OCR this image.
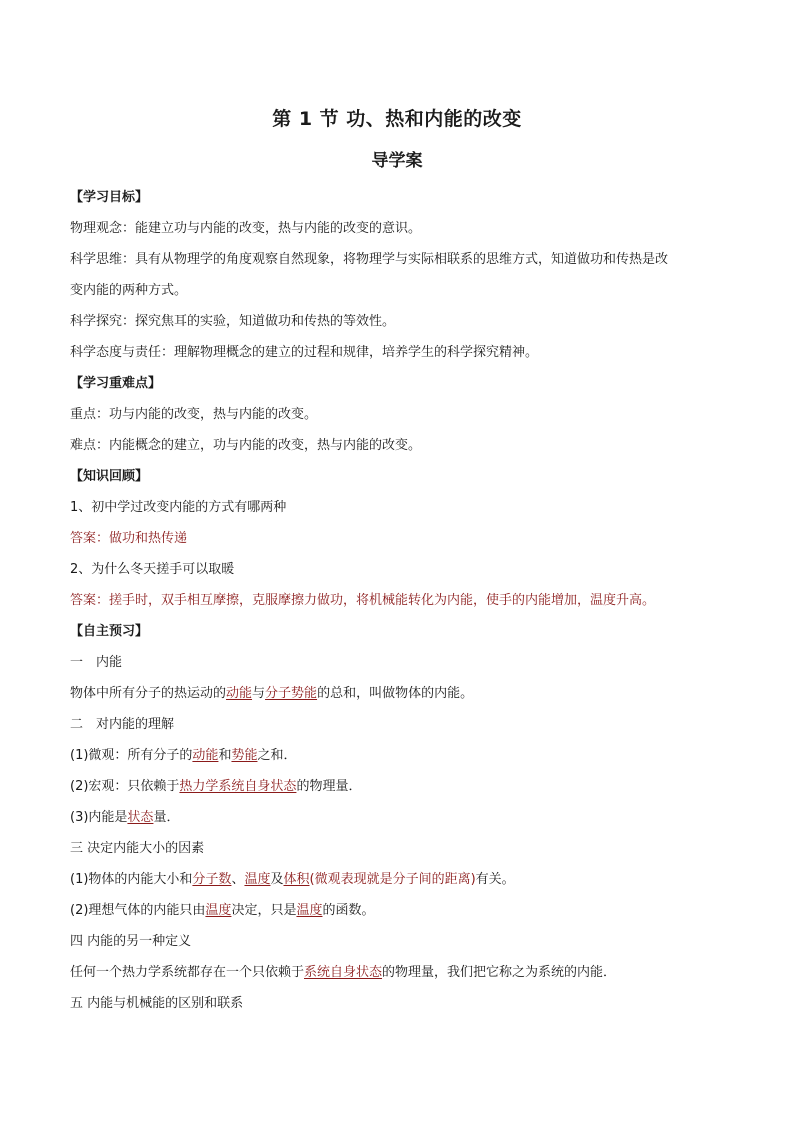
第 1 节 功、热和内能的改变
导学案
【学习目标】
物理观念：能建立功与内能的改变，热与内能的改变的意识。
科学思维：具有从物理学的角度观察自然现象，将物理学与实际相联系的思维方式，知道做功和传热是改
变内能的两种方式。
科学探究：探究焦耳的实验，知道做功和传热的等效性。
科学态度与责任：理解物理概念的建立的过程和规律，培养学生的科学探究精神。
【学习重难点】
重点：功与内能的改变，热与内能的改变。
难点：内能概念的建立，功与内能的改变，热与内能的改变。
【知识回顾】
1、初中学过改变内能的方式有哪两种
答案：做功和热传递
2、为什么冬天搓手可以取暖
答案：搓手时，双手相互摩擦，克服摩擦力做功，将机械能转化为内能，使手的内能增加，温度升高。
【自主预习】
一　内能
物体中所有分子的热运动的动能与分子势能的总和，叫做物体的内能。
二　对内能的理解
(1)微观：所有分子的动能和势能之和．
(2)宏观：只依赖于热力学系统自身状态的物理量．
(3)内能是状态量．
三 决定内能大小的因素
(1)物体的内能大小和分子数、温度及体积(微观表现就是分子间的距离)有关。
(2)理想气体的内能只由温度决定，只是温度的函数。
四 内能的另一种定义
任何一个热力学系统都存在一个只依赖于系统自身状态的物理量，我们把它称之为系统的内能．
五 内能与机械能的区别和联系
